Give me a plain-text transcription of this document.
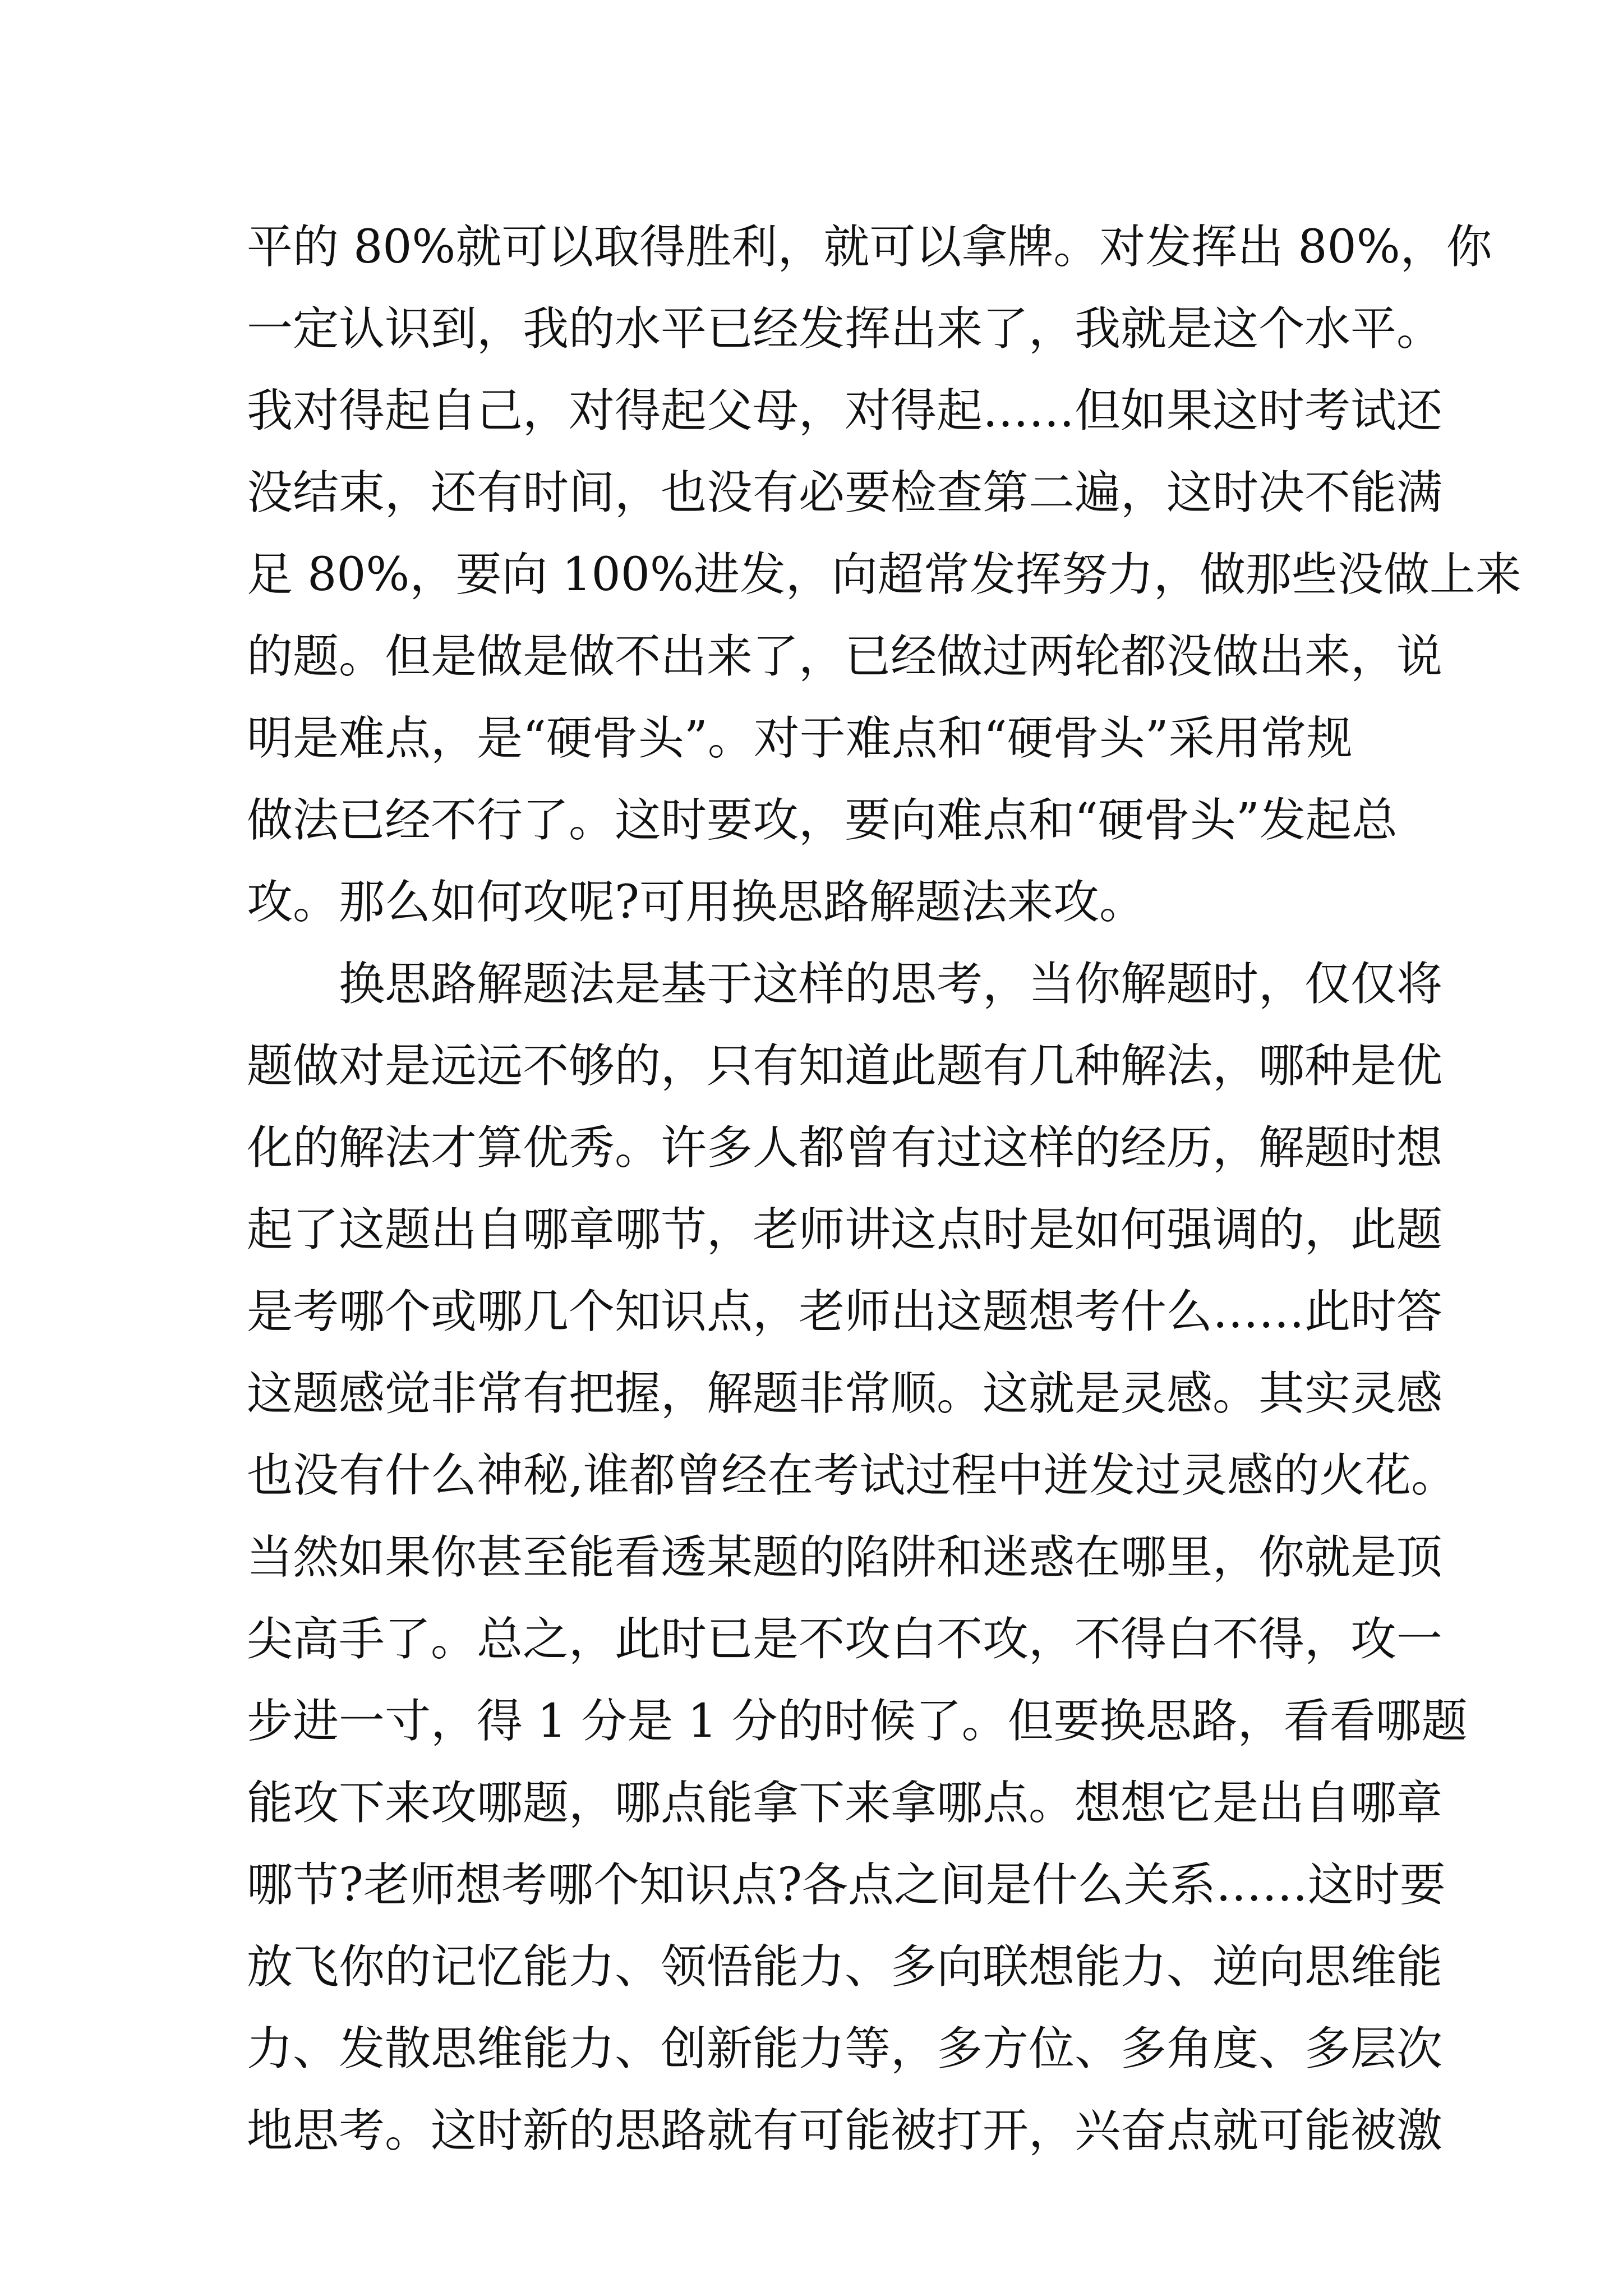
平的 80%就可以取得胜利，就可以拿牌。对发挥出 80%，你
一定认识到，我的水平已经发挥出来了，我就是这个水平。
我对得起自己，对得起父母，对得起……但如果这时考试还
没结束，还有时间，也没有必要检查第二遍，这时决不能满
足 80%，要向 100%进发，向超常发挥努力，做那些没做上来
的题。但是做是做不出来了，已经做过两轮都没做出来，说
明是难点，是“硬骨头”。对于难点和“硬骨头”采用常规
做法已经不行了。这时要攻，要向难点和“硬骨头”发起总
攻。那么如何攻呢?可用换思路解题法来攻。
　　换思路解题法是基于这样的思考，当你解题时，仅仅将
题做对是远远不够的，只有知道此题有几种解法，哪种是优
化的解法才算优秀。许多人都曾有过这样的经历，解题时想
起了这题出自哪章哪节，老师讲这点时是如何强调的，此题
是考哪个或哪几个知识点，老师出这题想考什么……此时答
这题感觉非常有把握，解题非常顺。这就是灵感。其实灵感
也没有什么神秘,谁都曾经在考试过程中迸发过灵感的火花。
当然如果你甚至能看透某题的陷阱和迷惑在哪里，你就是顶
尖高手了。总之，此时已是不攻白不攻，不得白不得，攻一
步进一寸，得 1 分是 1 分的时候了。但要换思路，看看哪题
能攻下来攻哪题，哪点能拿下来拿哪点。想想它是出自哪章
哪节?老师想考哪个知识点?各点之间是什么关系……这时要
放飞你的记忆能力、领悟能力、多向联想能力、逆向思维能
力、发散思维能力、创新能力等，多方位、多角度、多层次
地思考。这时新的思路就有可能被打开，兴奋点就可能被激
